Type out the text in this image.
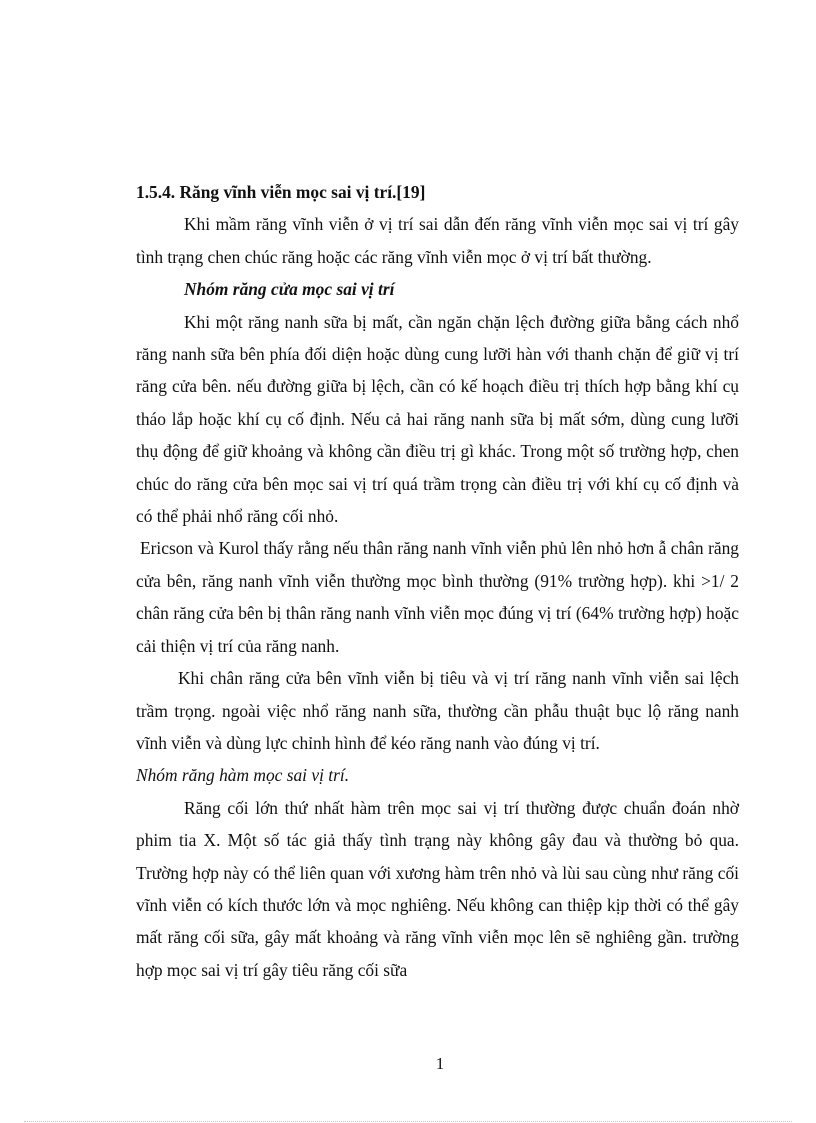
1.5.4. Răng vĩnh viễn mọc sai vị trí.[19]

Khi mầm răng vĩnh viễn ở vị trí sai dẫn đến răng vĩnh viễn mọc sai vị trí gây tình trạng chen chúc răng hoặc các răng vĩnh viễn mọc ở vị trí bất thường.

Nhóm răng cửa mọc sai vị trí

Khi một răng nanh sữa bị mất, cần ngăn chặn lệch đường giữa bằng cách nhổ răng nanh sữa bên phía đối diện hoặc dùng cung lưỡi hàn với thanh chặn để giữ vị trí răng cửa bên. nếu đường giữa bị lệch, cần có kế hoạch điều trị thích hợp bằng khí cụ tháo lắp hoặc khí cụ cố định. Nếu cả hai răng nanh sữa bị mất sớm, dùng cung lưỡi thụ động để giữ khoảng và không cần điều trị gì khác. Trong một số trường hợp, chen chúc do răng cửa bên mọc sai vị trí quá trầm trọng càn điều trị với khí cụ cố định và có thể phải nhổ răng cối nhỏ.

Ericson và Kurol thấy rằng nếu thân răng nanh vĩnh viễn phủ lên nhỏ hơn ẫ chân răng cửa bên, răng nanh vĩnh viễn thường mọc bình thường (91% trường hợp). khi >1/ 2 chân răng cửa bên bị thân răng nanh vĩnh viễn mọc đúng vị trí (64% trường hợp) hoặc cải thiện vị trí của răng nanh.

Khi chân răng cửa bên vĩnh viễn bị tiêu và vị trí răng nanh vĩnh viễn sai lệch trầm trọng. ngoài việc nhổ răng nanh sữa, thường cần phẫu thuật bục lộ răng nanh vĩnh viễn và dùng lực chỉnh hình để kéo răng nanh vào đúng vị trí.

Nhóm răng hàm mọc sai vị trí.

Răng cối lớn thứ nhất hàm trên mọc sai vị trí thường được chuẩn đoán nhờ phim tia X. Một số tác giả thấy tình trạng này không gây đau và thường bỏ qua. Trường hợp này có thể liên quan với xương hàm trên nhỏ và lùi sau cùng như răng cối vĩnh viễn có kích thước lớn và mọc nghiêng. Nếu không can thiệp kịp thời có thể gây mất răng cối sữa, gây mất khoảng và răng vĩnh viễn mọc lên sẽ nghiêng gần. trường hợp mọc sai vị trí gây tiêu răng cối sữa

1
